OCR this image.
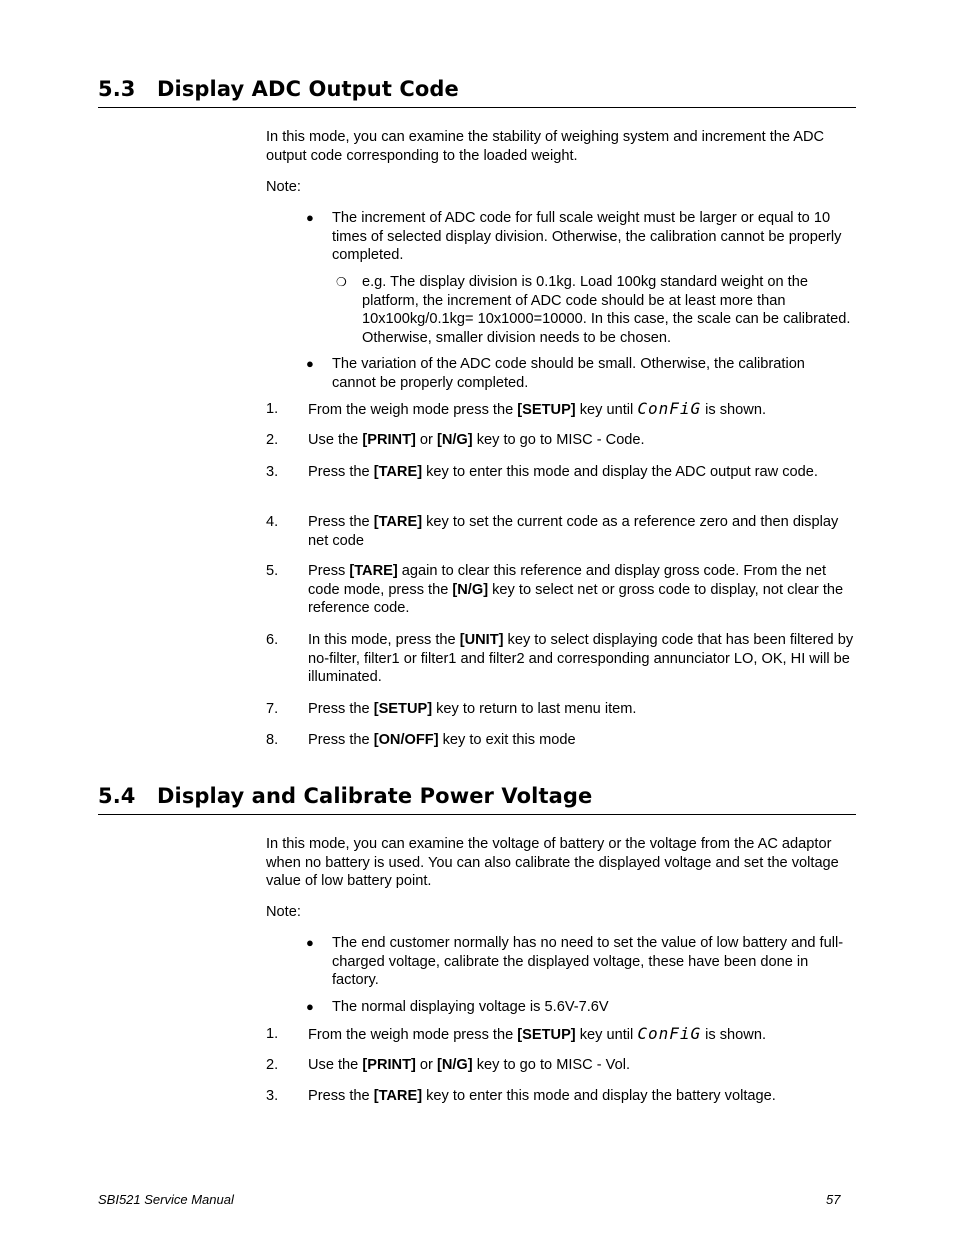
5.3 Display ADC Output Code
In this mode, you can examine the stability of weighing system and increment the ADC output code corresponding to the loaded weight.
Note:
● The increment of ADC code for full scale weight must be larger or equal to 10 times of selected display division. Otherwise, the calibration cannot be properly completed.
❍ e.g. The display division is 0.1kg. Load 100kg standard weight on the platform, the increment of ADC code should be at least more than 10x100kg/0.1kg= 10x1000=10000. In this case, the scale can be calibrated. Otherwise, smaller division needs to be chosen.
● The variation of the ADC code should be small. Otherwise, the calibration cannot be properly completed.
1. From the weigh mode press the [SETUP] key until ConFiG is shown.
2. Use the [PRINT] or [N/G] key to go to MISC - Code.
3. Press the [TARE] key to enter this mode and display the ADC output raw code.
4. Press the [TARE] key to set the current code as a reference zero and then display net code
5. Press [TARE] again to clear this reference and display gross code. From the net code mode, press the [N/G] key to select net or gross code to display, not clear the reference code.
6. In this mode, press the [UNIT] key to select displaying code that has been filtered by no-filter, filter1 or filter1 and filter2 and corresponding annunciator LO, OK, HI will be illuminated.
7. Press the [SETUP] key to return to last menu item.
8. Press the [ON/OFF] key to exit this mode
5.4 Display and Calibrate Power Voltage
In this mode, you can examine the voltage of battery or the voltage from the AC adaptor when no battery is used. You can also calibrate the displayed voltage and set the voltage value of low battery point.
Note:
● The end customer normally has no need to set the value of low battery and full-charged voltage, calibrate the displayed voltage, these have been done in factory.
● The normal displaying voltage is 5.6V-7.6V
1. From the weigh mode press the [SETUP] key until ConFiG is shown.
2. Use the [PRINT] or [N/G] key to go to MISC - Vol.
3. Press the [TARE] key to enter this mode and display the battery voltage.
SBI521 Service Manual	57
